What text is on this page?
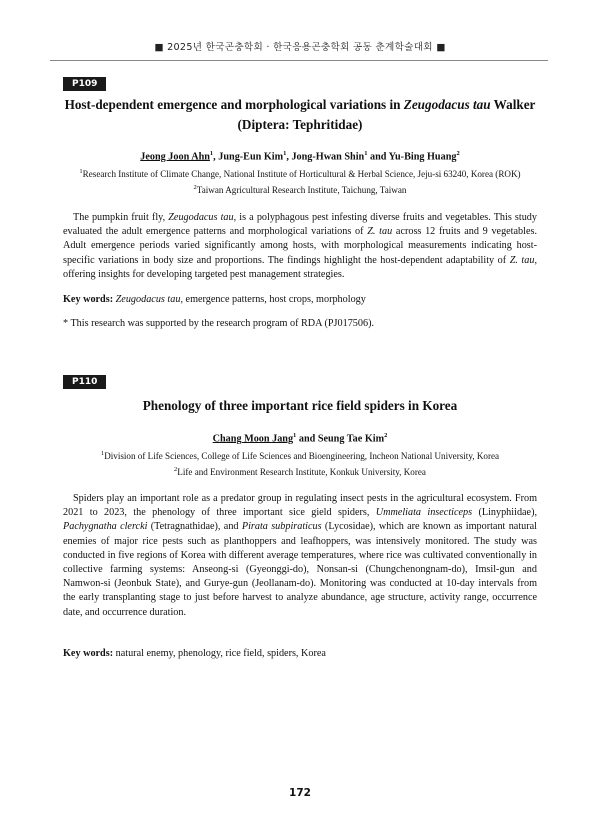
■ 2025년 한국곤충학회 · 한국응용곤충학회 공동 춘계학술대회 ■
P109
Host-dependent emergence and morphological variations in Zeugodacus tau Walker
(Diptera: Tephritidae)
Jeong Joon Ahn$^1$, Jung-Eun Kim$^1$, Jong-Hwan Shin$^1$ and Yu-Bing Huang$^2$
$^1$Research Institute of Climate Change, National Institute of Horticultural & Herbal Science, Jeju-si 63240, Korea (ROK)
$^2$Taiwan Agricultural Research Institute, Taichung, Taiwan

The pumpkin fruit fly, Zeugodacus tau, is a polyphagous pest infesting diverse fruits and vegetables. This study evaluated the adult emergence patterns and morphological variations of Z. tau across 12 fruits and 9 vegetables. Adult emergence periods varied significantly among hosts, with morphological measurements indicating host-specific variations in body size and proportions. The findings highlight the host-dependent adaptability of Z. tau, offering insights for developing targeted pest management strategies.

Key words: Zeugodacus tau, emergence patterns, host crops, morphology
* This research was supported by the research program of RDA (PJ017506).
P110
Phenology of three important rice field spiders in Korea
Chang Moon Jang$^1$ and Seung Tae Kim$^2$
$^1$Division of Life Sciences, College of Life Sciences and Bioengineering, Incheon National University, Korea
$^2$Life and Environment Research Institute, Konkuk University, Korea

Spiders play an important role as a predator group in regulating insect pests in the agricultural ecosystem. From 2021 to 2023, the phenology of three important sice gield spiders, Ummeliata insecticeps (Linyphiidae), Pachygnatha clercki (Tetragnathidae), and Pirata subpiraticus (Lycosidae), which are known as important natural enemies of major rice pests such as planthoppers and leafhoppers, was intensively monitored. The study was conducted in five regions of Korea with different average temperatures, where rice was cultivated conventionally in collective farming systems: Anseong-si (Gyeonggi-do), Nonsan-si (Chungchenongnam-do), Imsil-gun and Namwon-si (Jeonbuk State), and Gurye-gun (Jeollanam-do). Monitoring was conducted at 10-day intervals from the early transplanting stage to just before harvest to analyze abundance, age structure, activity range, occurrence date, and occurrence duration.

Key words: natural enemy, phenology, rice field, spiders, Korea
172
